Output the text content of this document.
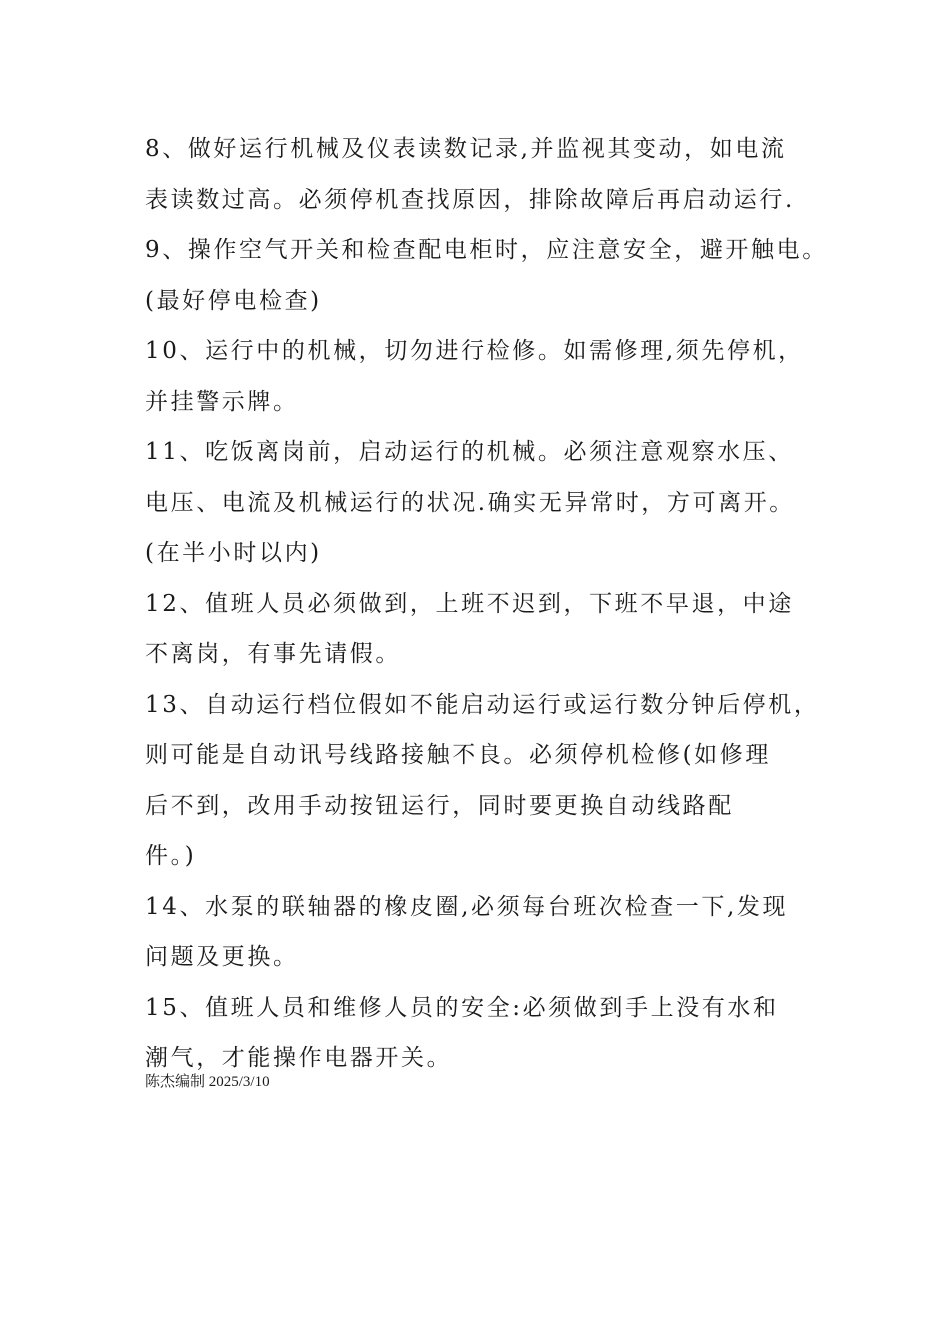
8、做好运行机械及仪表读数记录,并监视其变动，如电流
表读数过高。必须停机查找原因，排除故障后再启动运行.
9、操作空气开关和检查配电柜时，应注意安全，避开触电。
(最好停电检查)
10、运行中的机械，切勿进行检修。如需修理,须先停机，
并挂警示牌。
11、吃饭离岗前，启动运行的机械。必须注意观察水压、
电压、电流及机械运行的状况.确实无异常时，方可离开。
(在半小时以内)
12、值班人员必须做到，上班不迟到，下班不早退，中途
不离岗，有事先请假。
13、自动运行档位假如不能启动运行或运行数分钟后停机，
则可能是自动讯号线路接触不良。必须停机检修(如修理
后不到，改用手动按钮运行，同时要更换自动线路配
件。)
14、水泵的联轴器的橡皮圈,必须每台班次检查一下,发现
问题及更换。
15、值班人员和维修人员的安全:必须做到手上没有水和
潮气，才能操作电器开关。
陈杰编制 2025/3/10
